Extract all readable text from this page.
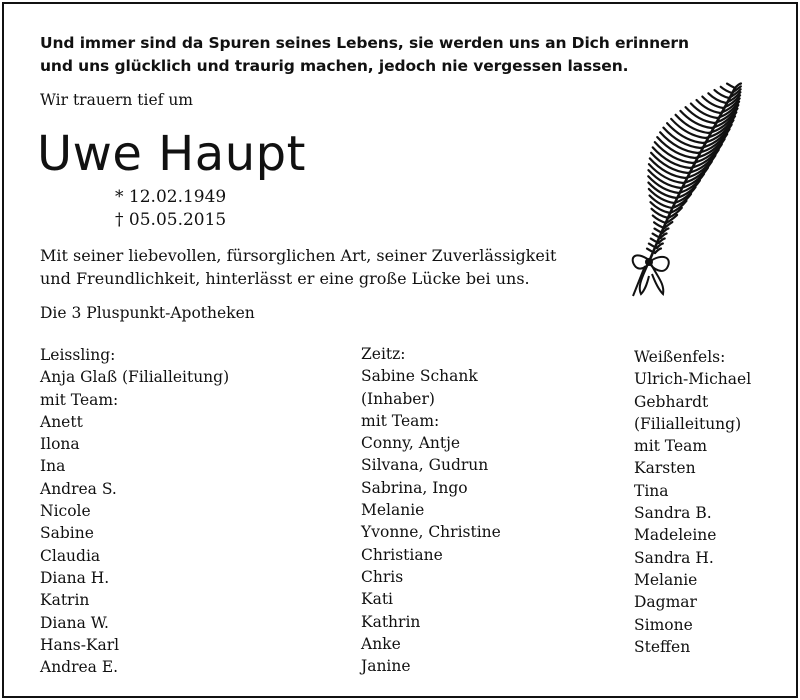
Und immer sind da Spuren seines Lebens, sie werden uns an Dich erinnern
und uns glücklich und traurig machen, jedoch nie vergessen lassen.
Wir trauern tief um
Uwe Haupt
* 12.02.1949
† 05.05.2015
Mit seiner liebevollen, fürsorglichen Art, seiner Zuverlässigkeit
und Freundlichkeit, hinterlässt er eine große Lücke bei uns.
Die 3 Pluspunkt-Apotheken
Leissling:
Anja Glaß (Filialleitung)
mit Team:
Anett
Ilona
Ina
Andrea S.
Nicole
Sabine
Claudia
Diana H.
Katrin
Diana W.
Hans-Karl
Andrea E.
Zeitz:
Sabine Schank
(Inhaber)
mit Team:
Conny, Antje
Silvana, Gudrun
Sabrina, Ingo
Melanie
Yvonne, Christine
Christiane
Chris
Kati
Kathrin
Anke
Janine
Weißenfels:
Ulrich-Michael
Gebhardt
(Filialleitung)
mit Team
Karsten
Tina
Sandra B.
Madeleine
Sandra H.
Melanie
Dagmar
Simone
Steffen
